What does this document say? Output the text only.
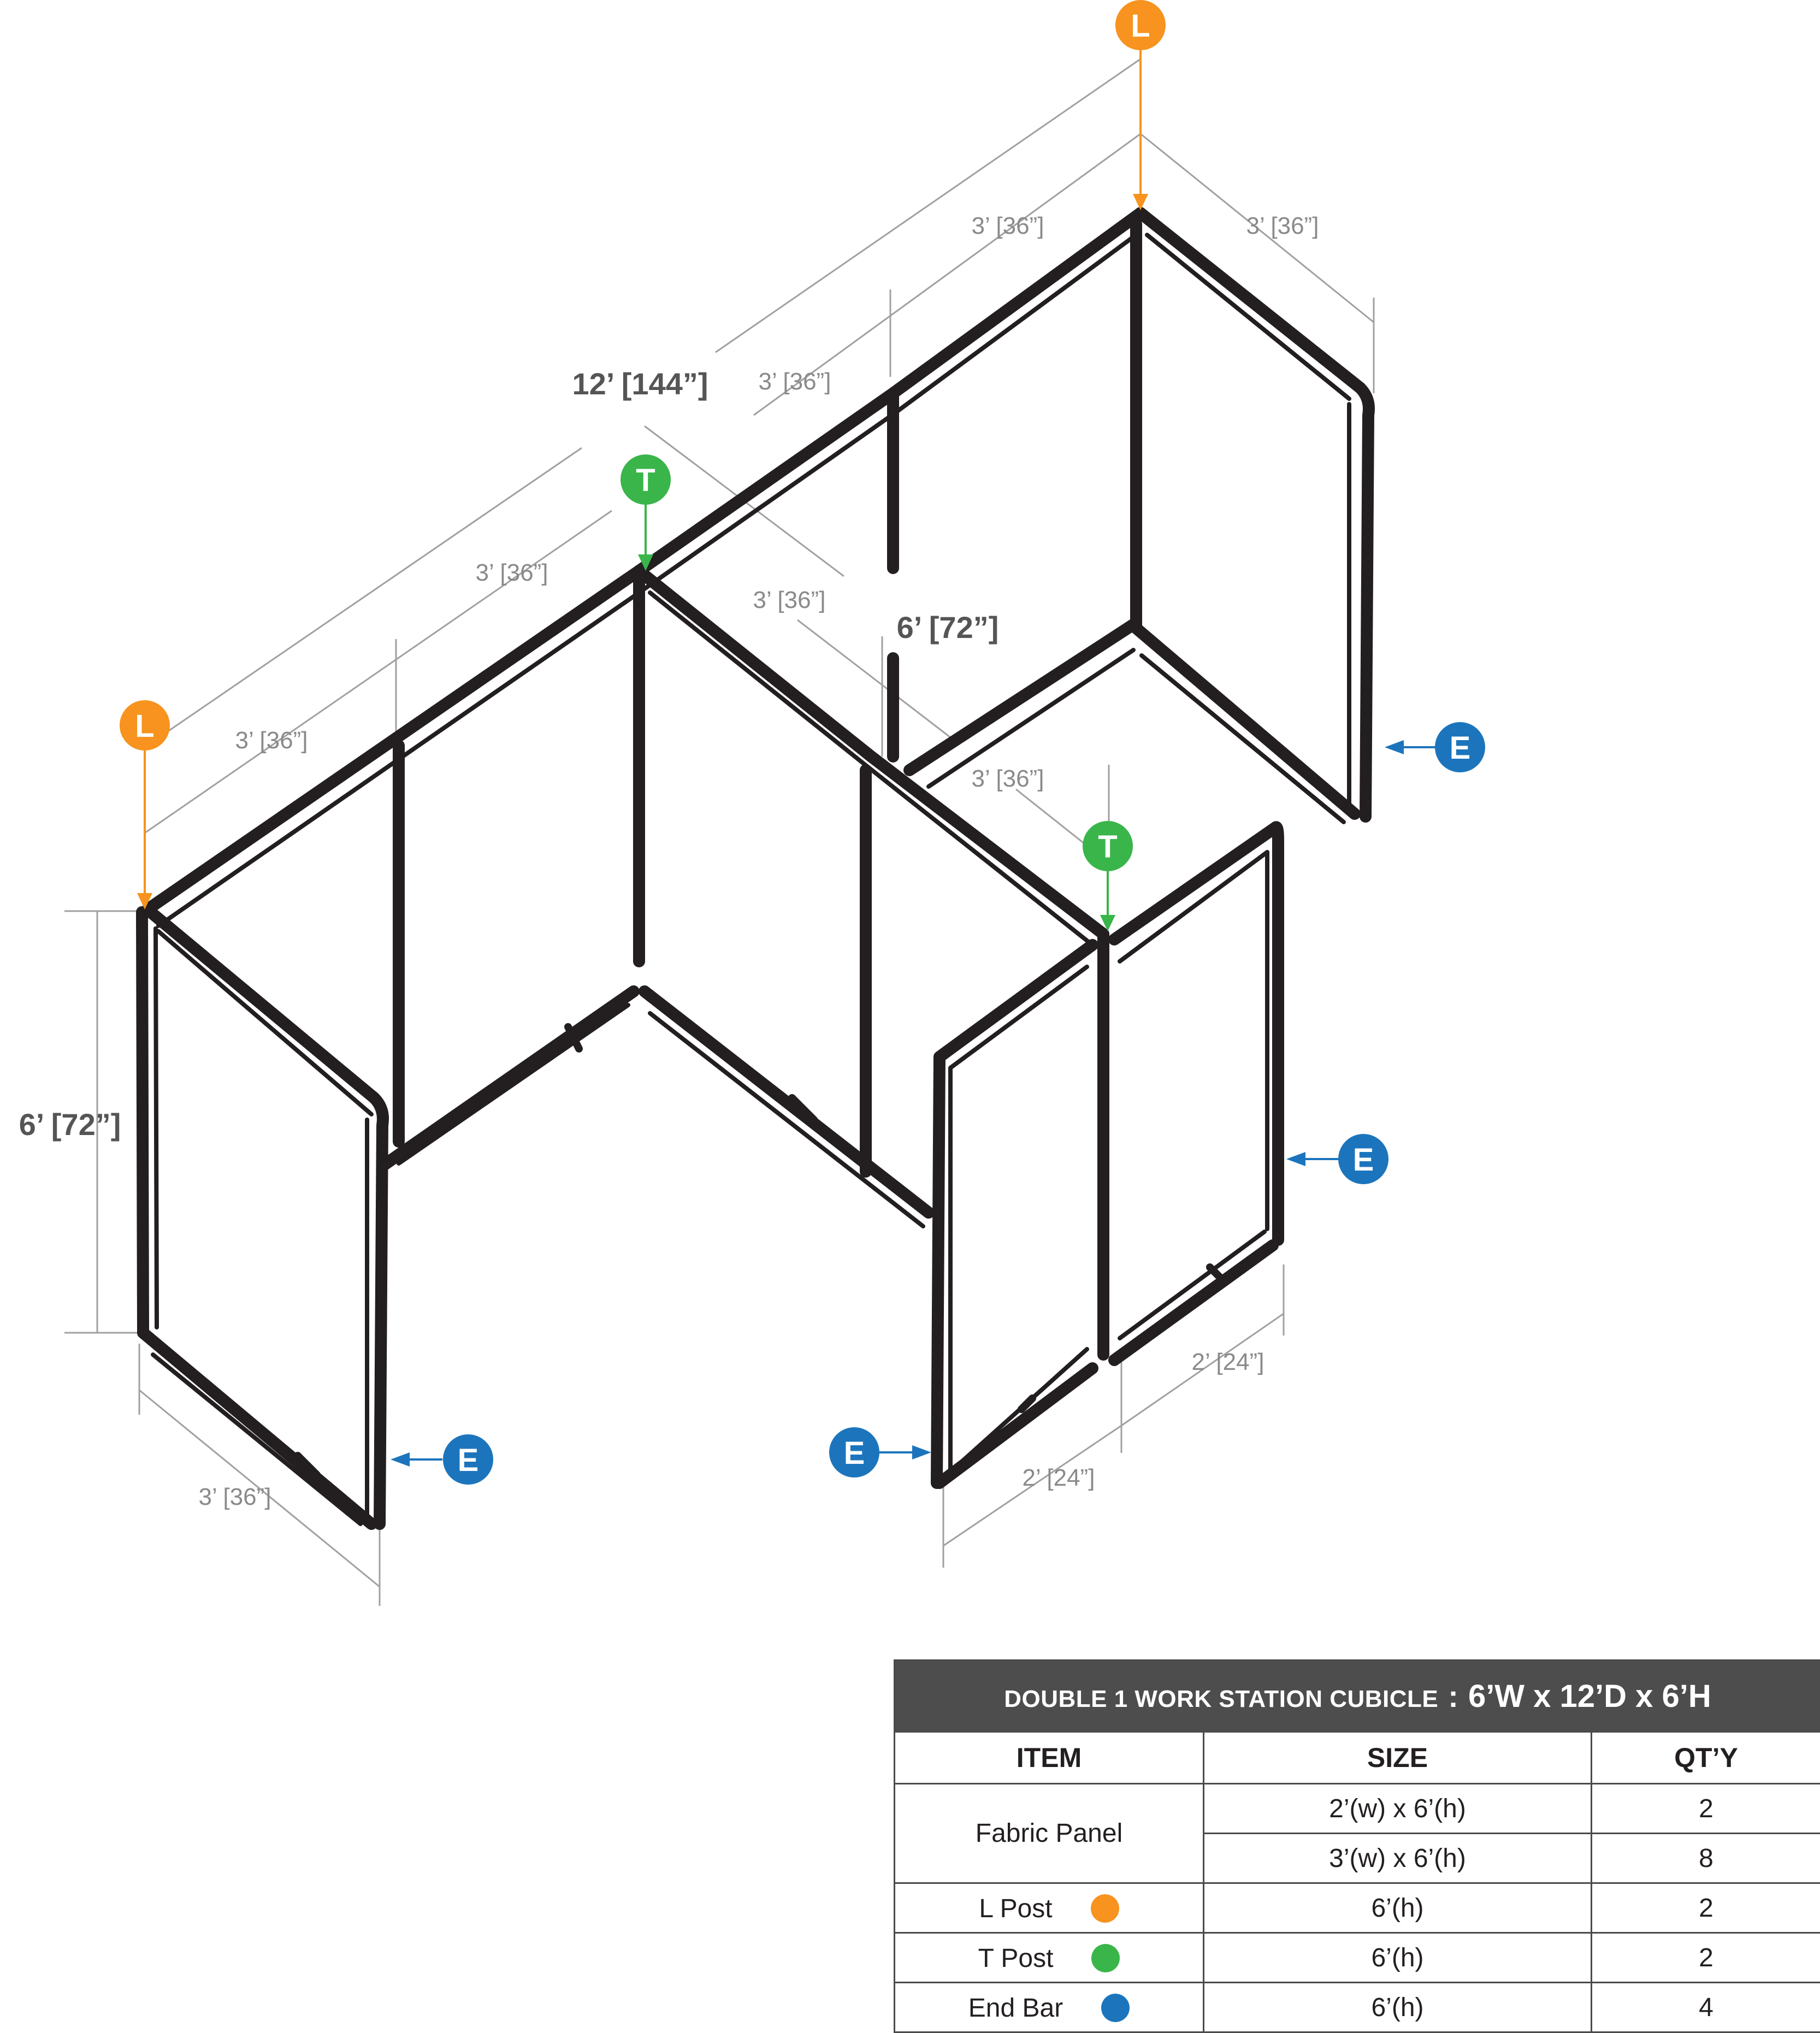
L
L
T
T
E
E
E	E
12’ [144”]
6’ [72”]
6’ [72”]
3’ [36”]	3’ [36”]
3’ [36”]
3’ [36”]
3’ [36”]
3’ [36”]
3’ [36”]
3’ [36”]
2’ [24”]
2’ [24”]
DOUBLE 1 WORK STATION CUBICLE : 6’W x 12’D x 6’H		
ITEM	SIZE	QT’Y
Fabric Panel	2’(w) x 6’(h)	2
	3’(w) x 6’(h)	8
L Post	6’(h)	2
T Post	6’(h)	2
End Bar	6’(h)	4
